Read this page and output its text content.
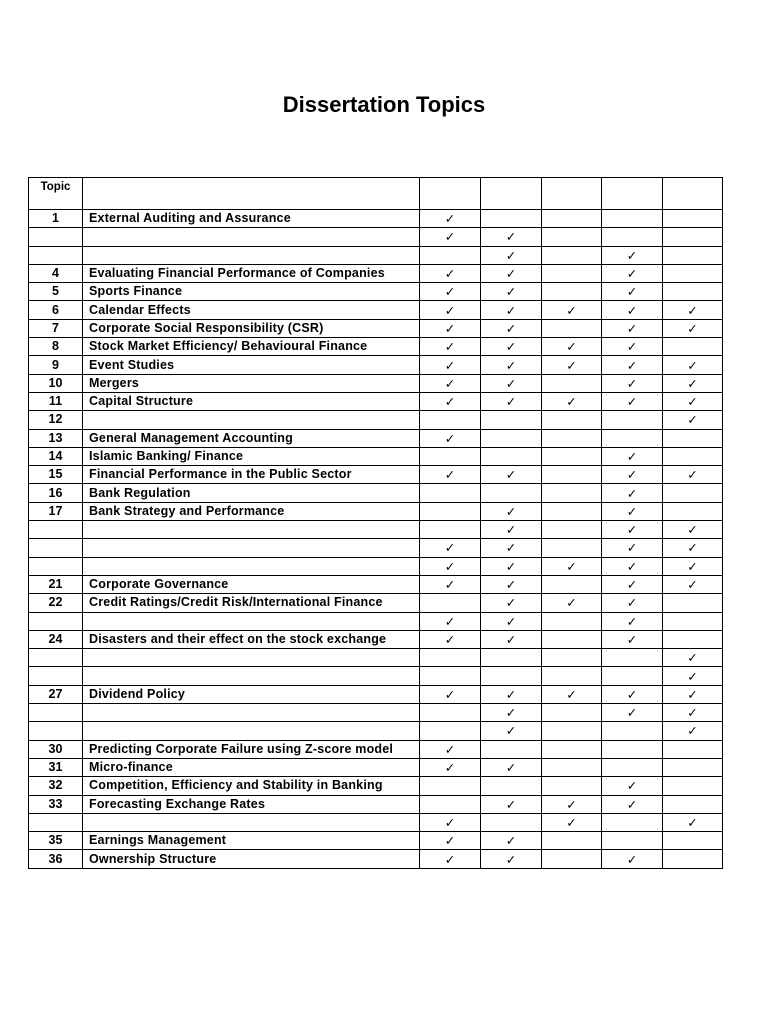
Dissertation Topics
Topic						

1	External Auditing and Assurance	✓				
		✓	✓			
			✓		✓	
4	Evaluating Financial Performance of Companies	✓	✓		✓	
5	Sports Finance	✓	✓		✓	
6	Calendar Effects	✓	✓	✓	✓	✓
7	Corporate Social Responsibility (CSR)	✓	✓		✓	✓
8	Stock Market Efficiency/ Behavioural Finance	✓	✓	✓	✓	
9	Event Studies	✓	✓	✓	✓	✓
10	Mergers	✓	✓		✓	✓
11	Capital Structure	✓	✓	✓	✓	✓
12						✓
13	General Management Accounting	✓				
14	Islamic Banking/ Finance				✓	
15	Financial Performance in the Public Sector	✓	✓		✓	✓
16	Bank Regulation				✓	
17	Bank Strategy and Performance		✓		✓	
			✓		✓	✓
		✓	✓		✓	✓
		✓	✓	✓	✓	✓
21	Corporate Governance	✓	✓		✓	✓
22	Credit Ratings/Credit Risk/International Finance		✓	✓	✓	
		✓	✓		✓	
24	Disasters and their effect on the stock exchange	✓	✓		✓	
						✓
						✓
27	Dividend Policy	✓	✓	✓	✓	✓
			✓		✓	✓
			✓			✓
30	Predicting Corporate Failure using Z-score model	✓				
31	Micro-finance	✓	✓			
32	Competition, Efficiency and Stability in Banking				✓	
33	Forecasting Exchange Rates		✓	✓	✓	
		✓		✓		✓
35	Earnings Management	✓	✓			
36	Ownership Structure	✓	✓		✓	
